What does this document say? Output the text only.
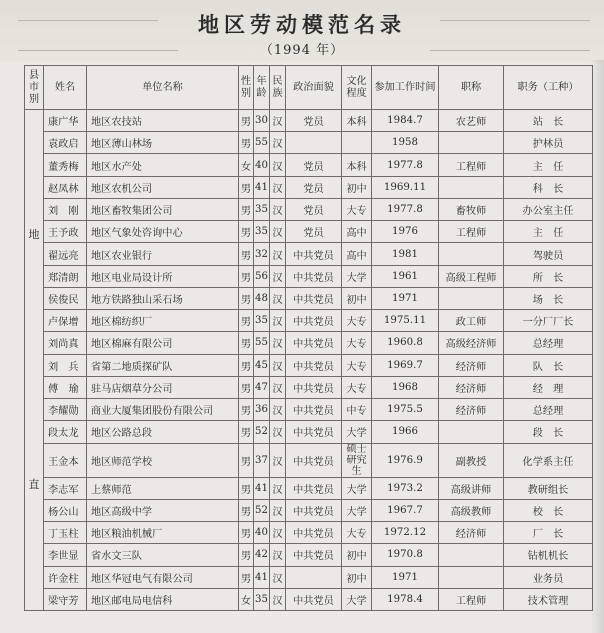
地区劳动模范名录
（1994 年）
县市别	姓名	单位名称	性别	年龄	民族	政治面貌	文化程度	参加工作时间	职称	职务（工种）

地
直	康广华	地区农技站	男	30	汉	党员	本科	1984.7	农艺师	站　长
	袁政启	地区薄山林场	男	55	汉			1958		护林员
	董秀梅	地区水产处	女	40	汉	党员	本科	1977.8	工程师	主　任
	赵凤林	地区农机公司	男	41	汉	党员	初中	1969.11		科　长
	刘　刚	地区畜牧集团公司	男	35	汉	党员	大专	1977.8	畜牧师	办公室主任
	王予政	地区气象处咨询中心	男	35	汉	党员	高中	1976	工程师	主　任
	翟远亮	地区农业银行	男	32	汉	中共党员	高中	1981		驾驶员
	郑清朗	地区电业局设计所	男	56	汉	中共党员	大学	1961	高级工程师	所　长
	侯俊民	地方铁路独山采石场	男	48	汉	中共党员	初中	1971		场　长
	卢保增	地区棉纺织厂	男	35	汉	中共党员	大专	1975.11	政工师	一分厂厂长
	刘尚真	地区棉麻有限公司	男	55	汉	中共党员	大专	1960.8	高级经济师	总经理
	刘　兵	省第二地质探矿队	男	45	汉	中共党员	大专	1969.7	经济师	队　长
	傅　瑜	驻马店烟草分公司	男	47	汉	中共党员	大专	1968	经济师	经　理
	李耀勋	商业大厦集团股份有限公司	男	36	汉	中共党员	中专	1975.5	经济师	总经理
	段太龙	地区公路总段	男	52	汉	中共党员	大学	1966		段　长
	王金本	地区师范学校	男	37	汉	中共党员	硕士研究生	1976.9	副教授	化学系主任
	李志军	上蔡师范	男	41	汉	中共党员	大学	1973.2	高级讲师	教研组长
	杨公山	地区高级中学	男	52	汉	中共党员	大学	1967.7	高级教师	校　长
	丁玉柱	地区粮油机械厂	男	40	汉	中共党员	大专	1972.12	经济师	厂　长
	李世显	省水文三队	男	42	汉	中共党员	初中	1970.8		钻机机长
	许金柱	地区华冠电气有限公司	男	41	汉		初中	1971		业务员
	梁守芳	地区邮电局电信科	女	35	汉	中共党员	大学	1978.4	工程师	技术管理
